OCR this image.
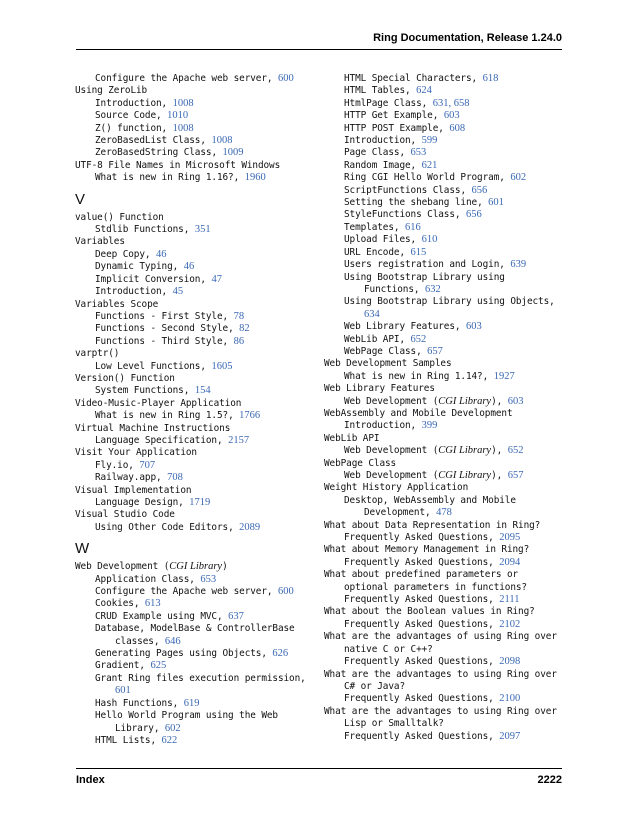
Ring Documentation, Release 1.24.0
Configure the Apache web server, 600
Using ZeroLib
Introduction, 1008
Source Code, 1010
Z() function, 1008
ZeroBasedList Class, 1008
ZeroBasedString Class, 1009
UTF-8 File Names in Microsoft Windows
What is new in Ring 1.16?, 1960
V
value() Function
Stdlib Functions, 351
Variables
Deep Copy, 46
Dynamic Typing, 46
Implicit Conversion, 47
Introduction, 45
Variables Scope
Functions - First Style, 78
Functions - Second Style, 82
Functions - Third Style, 86
varptr()
Low Level Functions, 1605
Version() Function
System Functions, 154
Video-Music-Player Application
What is new in Ring 1.5?, 1766
Virtual Machine Instructions
Language Specification, 2157
Visit Your Application
Fly.io, 707
Railway.app, 708
Visual Implementation
Language Design, 1719
Visual Studio Code
Using Other Code Editors, 2089
W
Web Development (CGI Library)
Application Class, 653
Configure the Apache web server, 600
Cookies, 613
CRUD Example using MVC, 637
Database, ModelBase & ControllerBase classes, 646
Generating Pages using Objects, 626
Gradient, 625
Grant Ring files execution permission, 601
Hash Functions, 619
Hello World Program using the Web Library, 602
HTML Lists, 622
HTML Special Characters, 618
HTML Tables, 624
HtmlPage Class, 631, 658
HTTP Get Example, 603
HTTP POST Example, 608
Introduction, 599
Page Class, 653
Random Image, 621
Ring CGI Hello World Program, 602
ScriptFunctions Class, 656
Setting the shebang line, 601
StyleFunctions Class, 656
Templates, 616
Upload Files, 610
URL Encode, 615
Users registration and Login, 639
Using Bootstrap Library using Functions, 632
Using Bootstrap Library using Objects, 634
Web Library Features, 603
WebLib API, 652
WebPage Class, 657
Web Development Samples
What is new in Ring 1.14?, 1927
Web Library Features
Web Development (CGI Library), 603
WebAssembly and Mobile Development
Introduction, 399
WebLib API
Web Development (CGI Library), 652
WebPage Class
Web Development (CGI Library), 657
Weight History Application
Desktop, WebAssembly and Mobile Development, 478
What about Data Representation in Ring?
Frequently Asked Questions, 2095
What about Memory Management in Ring?
Frequently Asked Questions, 2094
What about predefined parameters or optional parameters in functions?
Frequently Asked Questions, 2111
What about the Boolean values in Ring?
Frequently Asked Questions, 2102
What are the advantages of using Ring over native C or C++?
Frequently Asked Questions, 2098
What are the advantages to using Ring over C# or Java?
Frequently Asked Questions, 2100
What are the advantages to using Ring over Lisp or Smalltalk?
Frequently Asked Questions, 2097
Index	2222
